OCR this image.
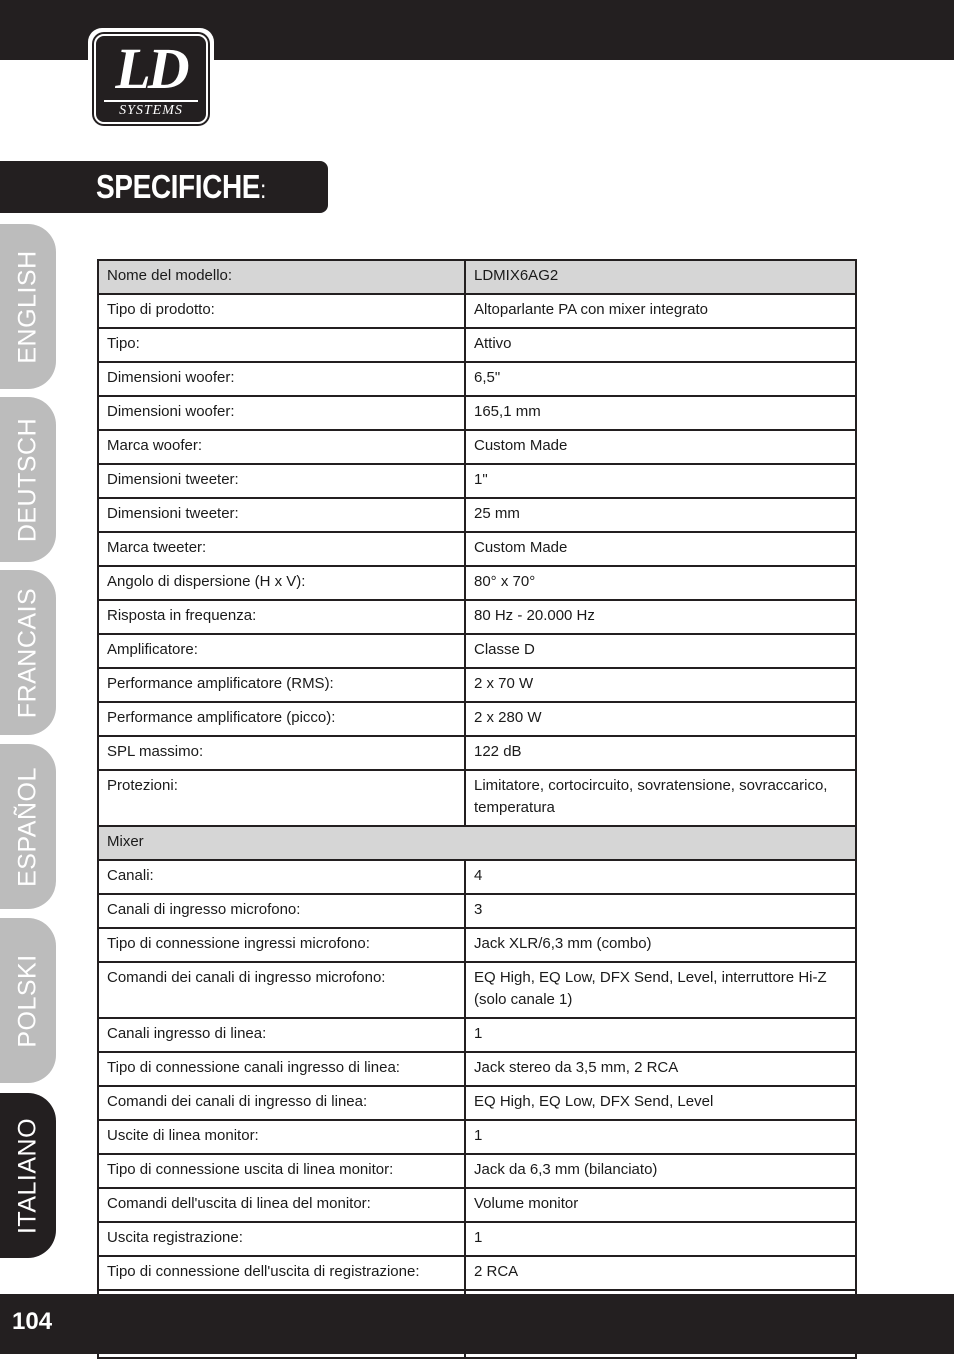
LD
SYSTEMS
SPECIFICHE:
ENGLISH
DEUTSCH
FRANCAIS
ESPAÑOL
POLSKI
ITALIANO
Nome del modello:	LDMIX6AG2
Tipo di prodotto:	Altoparlante PA con mixer integrato
Tipo:	Attivo
Dimensioni woofer:	6,5"
Dimensioni woofer:	165,1 mm
Marca woofer:	Custom Made
Dimensioni tweeter:	1"
Dimensioni tweeter:	25 mm
Marca tweeter:	Custom Made
Angolo di dispersione (H x V):	80° x 70°
Risposta in frequenza:	80 Hz - 20.000 Hz
Amplificatore:	Classe D
Performance amplificatore (RMS):	2 x 70 W
Performance amplificatore (picco):	2 x 280 W
SPL massimo:	122 dB
Protezioni:	Limitatore, cortocircuito, sovratensione, sovraccarico, temperatura
Mixer	
Canali:	4
Canali di ingresso microfono:	3
Tipo di connessione ingressi microfono:	Jack XLR/6,3 mm (combo)
Comandi dei canali di ingresso microfono:	EQ High, EQ Low, DFX Send, Level, interruttore Hi-Z (solo canale 1)
Canali ingresso di linea:	1
Tipo di connessione canali ingresso di linea:	Jack stereo da 3,5 mm, 2 RCA
Comandi dei canali di ingresso di linea:	EQ High, EQ Low, DFX Send, Level
Uscite di linea monitor:	1
Tipo di connessione uscita di linea monitor:	Jack da 6,3 mm (bilanciato)
Comandi dell'uscita di linea del monitor:	Volume monitor
Uscita registrazione:	1
Tipo di connessione dell'uscita di registrazione:	2 RCA

104
